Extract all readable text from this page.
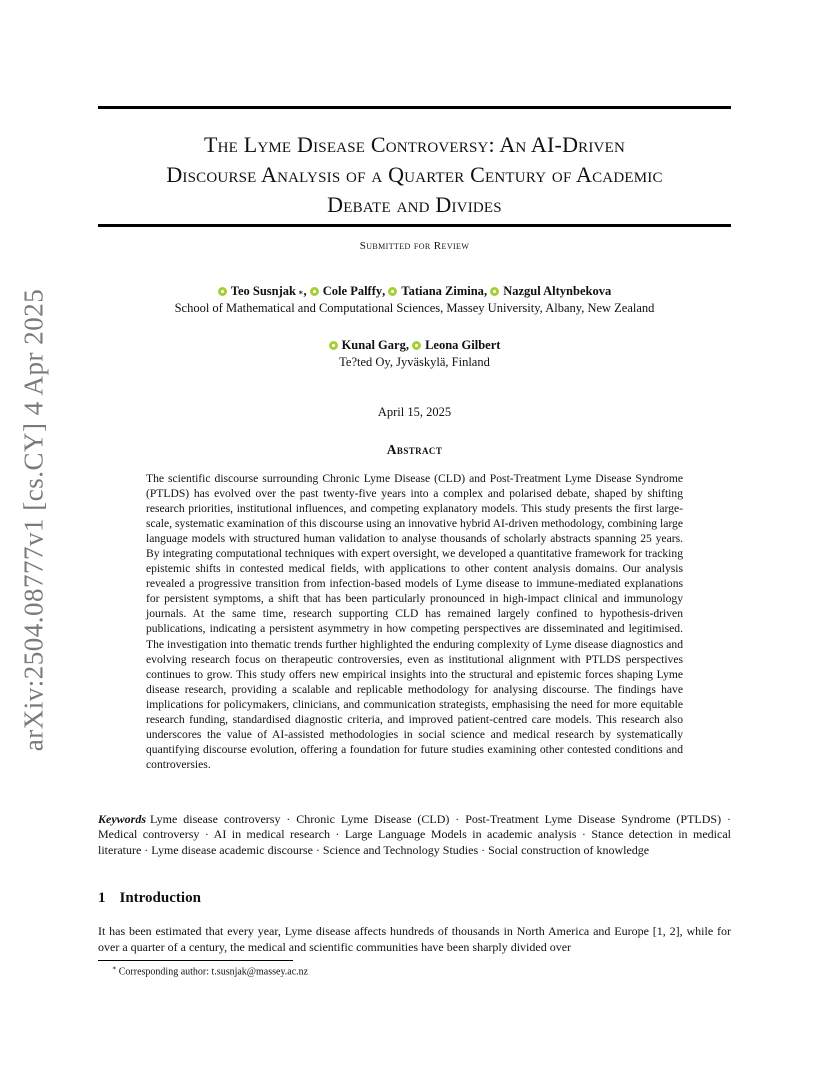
arXiv:2504.08777v1 [cs.CY] 4 Apr 2025
The Lyme Disease Controversy: An AI-Driven
Discourse Analysis of a Quarter Century of Academic
Debate and Divides
Submitted for Review
Teo Susnjak ∗ , Cole Palffy , Tatiana Zimina , Nazgul Altynbekova
School of Mathematical and Computational Sciences, Massey University, Albany, New Zealand
Kunal Garg , Leona Gilbert
Te?ted Oy, Jyväskylä, Finland
April 15, 2025
Abstract

The scientific discourse surrounding Chronic Lyme Disease (CLD) and Post-Treatment Lyme Disease Syndrome (PTLDS) has evolved over the past twenty-five years into a complex and polarised debate, shaped by shifting research priorities, institutional influences, and competing explanatory models. This study presents the first large-scale, systematic examination of this discourse using an innovative hybrid AI-driven methodology, combining large language models with structured human validation to analyse thousands of scholarly abstracts spanning 25 years. By integrating computational techniques with expert oversight, we developed a quantitative framework for tracking epistemic shifts in contested medical fields, with applications to other content analysis domains. Our analysis revealed a progressive transition from infection-based models of Lyme disease to immune-mediated explanations for persistent symptoms, a shift that has been particularly pronounced in high-impact clinical and immunology journals. At the same time, research supporting CLD has remained largely confined to hypothesis-driven publications, indicating a persistent asymmetry in how competing perspectives are disseminated and legitimised. The investigation into thematic trends further highlighted the enduring complexity of Lyme disease diagnostics and evolving research focus on therapeutic controversies, even as institutional alignment with PTLDS perspectives continues to grow. This study offers new empirical insights into the structural and epistemic forces shaping Lyme disease research, providing a scalable and replicable methodology for analysing discourse. The findings have implications for policymakers, clinicians, and communication strategists, emphasising the need for more equitable research funding, standardised diagnostic criteria, and improved patient-centred care models. This research also underscores the value of AI-assisted methodologies in social science and medical research by systematically quantifying discourse evolution, offering a foundation for future studies examining other contested conditions and controversies.

Keywords Lyme disease controversy · Chronic Lyme Disease (CLD) · Post-Treatment Lyme Disease Syndrome (PTLDS) · Medical controversy · AI in medical research · Large Language Models in academic analysis · Stance detection in medical literature · Lyme disease academic discourse · Science and Technology Studies · Social construction of knowledge

1 Introduction

It has been estimated that every year, Lyme disease affects hundreds of thousands in North America and Europe [1, 2], while for over a quarter of a century, the medical and scientific communities have been sharply divided over

∗ Corresponding author: t.susnjak@massey.ac.nz
